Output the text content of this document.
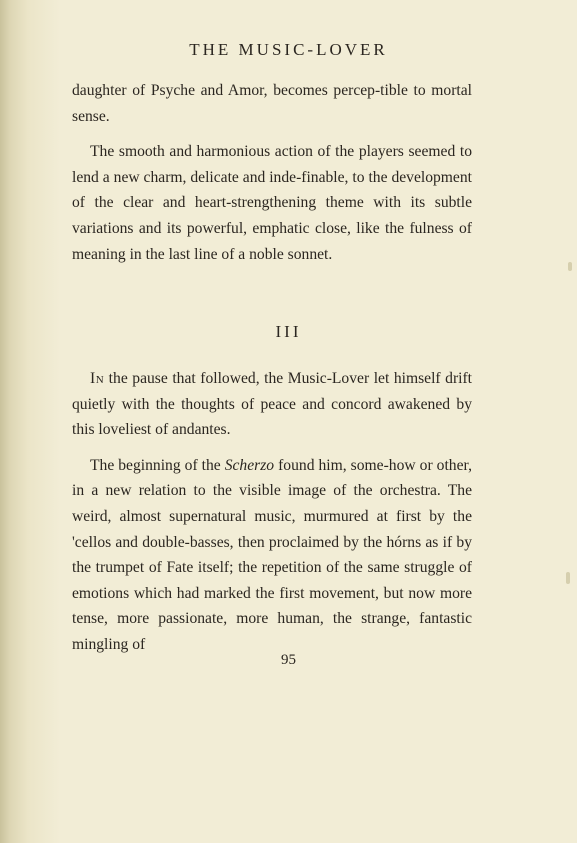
THE MUSIC-LOVER

daughter of Psyche and Amor, becomes percep-tible to mortal sense.

The smooth and harmonious action of the players seemed to lend a new charm, delicate and inde-finable, to the development of the clear and heart-strengthening theme with its subtle variations and its powerful, emphatic close, like the fulness of meaning in the last line of a noble sonnet.

III

In the pause that followed, the Music-Lover let himself drift quietly with the thoughts of peace and concord awakened by this loveliest of andantes.

The beginning of the Scherzo found him, some-how or other, in a new relation to the visible image of the orchestra. The weird, almost supernatural music, murmured at first by the 'cellos and double-basses, then proclaimed by the hórns as if by the trumpet of Fate itself; the repetition of the same struggle of emotions which had marked the first movement, but now more tense, more passionate, more human, the strange, fantastic mingling of

95
